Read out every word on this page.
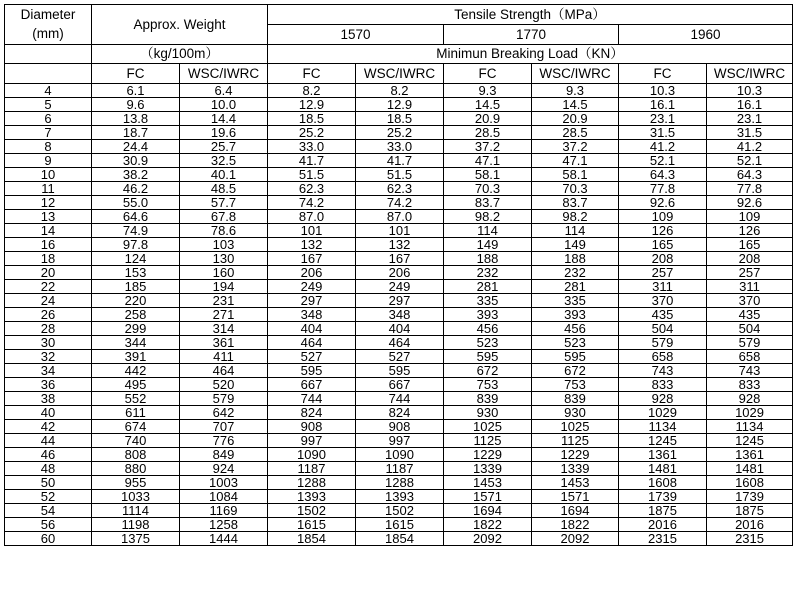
Diameter
(mm)	Approx. Weight		Tensile Strength（MPa）					
			1570		1770		1960	
	（kg/100m）		Minimun Breaking Load（KN）					
	FC	WSC/IWRC	FC	WSC/IWRC	FC	WSC/IWRC	FC	WSC/IWRC
4	6.1	6.4	8.2	8.2	9.3	9.3	10.3	10.3
5	9.6	10.0	12.9	12.9	14.5	14.5	16.1	16.1
6	13.8	14.4	18.5	18.5	20.9	20.9	23.1	23.1
7	18.7	19.6	25.2	25.2	28.5	28.5	31.5	31.5
8	24.4	25.7	33.0	33.0	37.2	37.2	41.2	41.2
9	30.9	32.5	41.7	41.7	47.1	47.1	52.1	52.1
10	38.2	40.1	51.5	51.5	58.1	58.1	64.3	64.3
11	46.2	48.5	62.3	62.3	70.3	70.3	77.8	77.8
12	55.0	57.7	74.2	74.2	83.7	83.7	92.6	92.6
13	64.6	67.8	87.0	87.0	98.2	98.2	109	109
14	74.9	78.6	101	101	114	114	126	126
16	97.8	103	132	132	149	149	165	165
18	124	130	167	167	188	188	208	208
20	153	160	206	206	232	232	257	257
22	185	194	249	249	281	281	311	311
24	220	231	297	297	335	335	370	370
26	258	271	348	348	393	393	435	435
28	299	314	404	404	456	456	504	504
30	344	361	464	464	523	523	579	579
32	391	411	527	527	595	595	658	658
34	442	464	595	595	672	672	743	743
36	495	520	667	667	753	753	833	833
38	552	579	744	744	839	839	928	928
40	611	642	824	824	930	930	1029	1029
42	674	707	908	908	1025	1025	1134	1134
44	740	776	997	997	1125	1125	1245	1245
46	808	849	1090	1090	1229	1229	1361	1361
48	880	924	1187	1187	1339	1339	1481	1481
50	955	1003	1288	1288	1453	1453	1608	1608
52	1033	1084	1393	1393	1571	1571	1739	1739
54	1114	1169	1502	1502	1694	1694	1875	1875
56	1198	1258	1615	1615	1822	1822	2016	2016
60	1375	1444	1854	1854	2092	2092	2315	2315
